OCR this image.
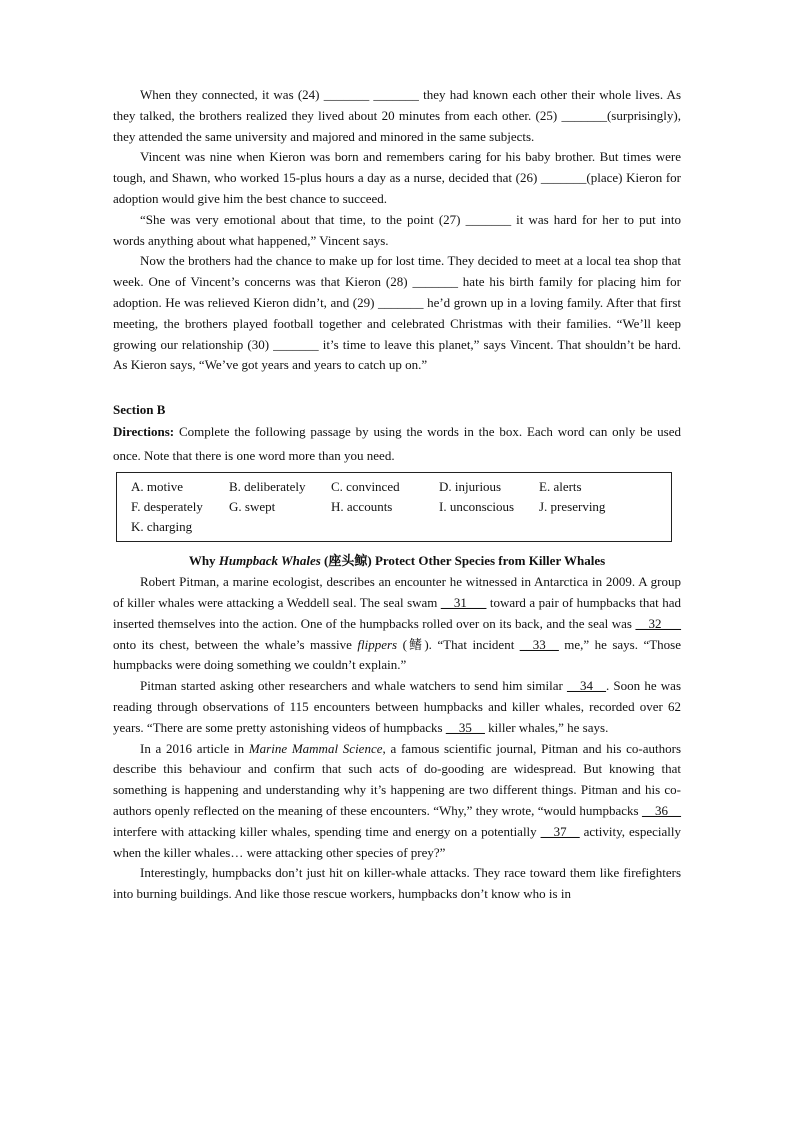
When they connected, it was (24) _______ _______ they had known each other their whole lives. As they talked, the brothers realized they lived about 20 minutes from each other. (25) _______(surprisingly), they attended the same university and majored and minored in the same subjects.

Vincent was nine when Kieron was born and remembers caring for his baby brother. But times were tough, and Shawn, who worked 15-plus hours a day as a nurse, decided that (26) _______(place) Kieron for adoption would give him the best chance to succeed.

“She was very emotional about that time, to the point (27) _______ it was hard for her to put into words anything about what happened,” Vincent says.

Now the brothers had the chance to make up for lost time. They decided to meet at a local tea shop that week. One of Vincent’s concerns was that Kieron (28) _______ hate his birth family for placing him for adoption. He was relieved Kieron didn’t, and (29) _______ he’d grown up in a loving family. After that first meeting, the brothers played football together and celebrated Christmas with their families. “We’ll keep growing our relationship (30) _______ it’s time to leave this planet,” says Vincent. That shouldn’t be hard. As Kieron says, “We’ve got years and years to catch up on.”

Section B
Directions: Complete the following passage by using the words in the box. Each word can only be used once. Note that there is one word more than you need.
A. motive	B. deliberately	C. convinced	D. injurious	E. alerts
F. desperately	G. swept	H. accounts	I. unconscious	J. preserving
K. charging
Why Humpback Whales (座头鲸) Protect Other Species from Killer Whales

Robert Pitman, a marine ecologist, describes an encounter he witnessed in Antarctica in 2009. A group of killer whales were attacking a Weddell seal. The seal swam __31___ toward a pair of humpbacks that had inserted themselves into the action. One of the humpbacks rolled over on its back, and the seal was __32___ onto its chest, between the whale’s massive flippers (鳍). “That incident __33__ me,” he says. “Those humpbacks were doing something we couldn’t explain.”

Pitman started asking other researchers and whale watchers to send him similar __34__. Soon he was reading through observations of 115 encounters between humpbacks and killer whales, recorded over 62 years. “There are some pretty astonishing videos of humpbacks __35__ killer whales,” he says.

In a 2016 article in Marine Mammal Science, a famous scientific journal, Pitman and his co-authors describe this behaviour and confirm that such acts of do-gooding are widespread. But knowing that something is happening and understanding why it’s happening are two different things. Pitman and his co-authors openly reflected on the meaning of these encounters. “Why,” they wrote, “would humpbacks __36__ interfere with attacking killer whales, spending time and energy on a potentially __37__ activity, especially when the killer whales… were attacking other species of prey?”

Interestingly, humpbacks don’t just hit on killer-whale attacks. They race toward them like firefighters into burning buildings. And like those rescue workers, humpbacks don’t know who is in
